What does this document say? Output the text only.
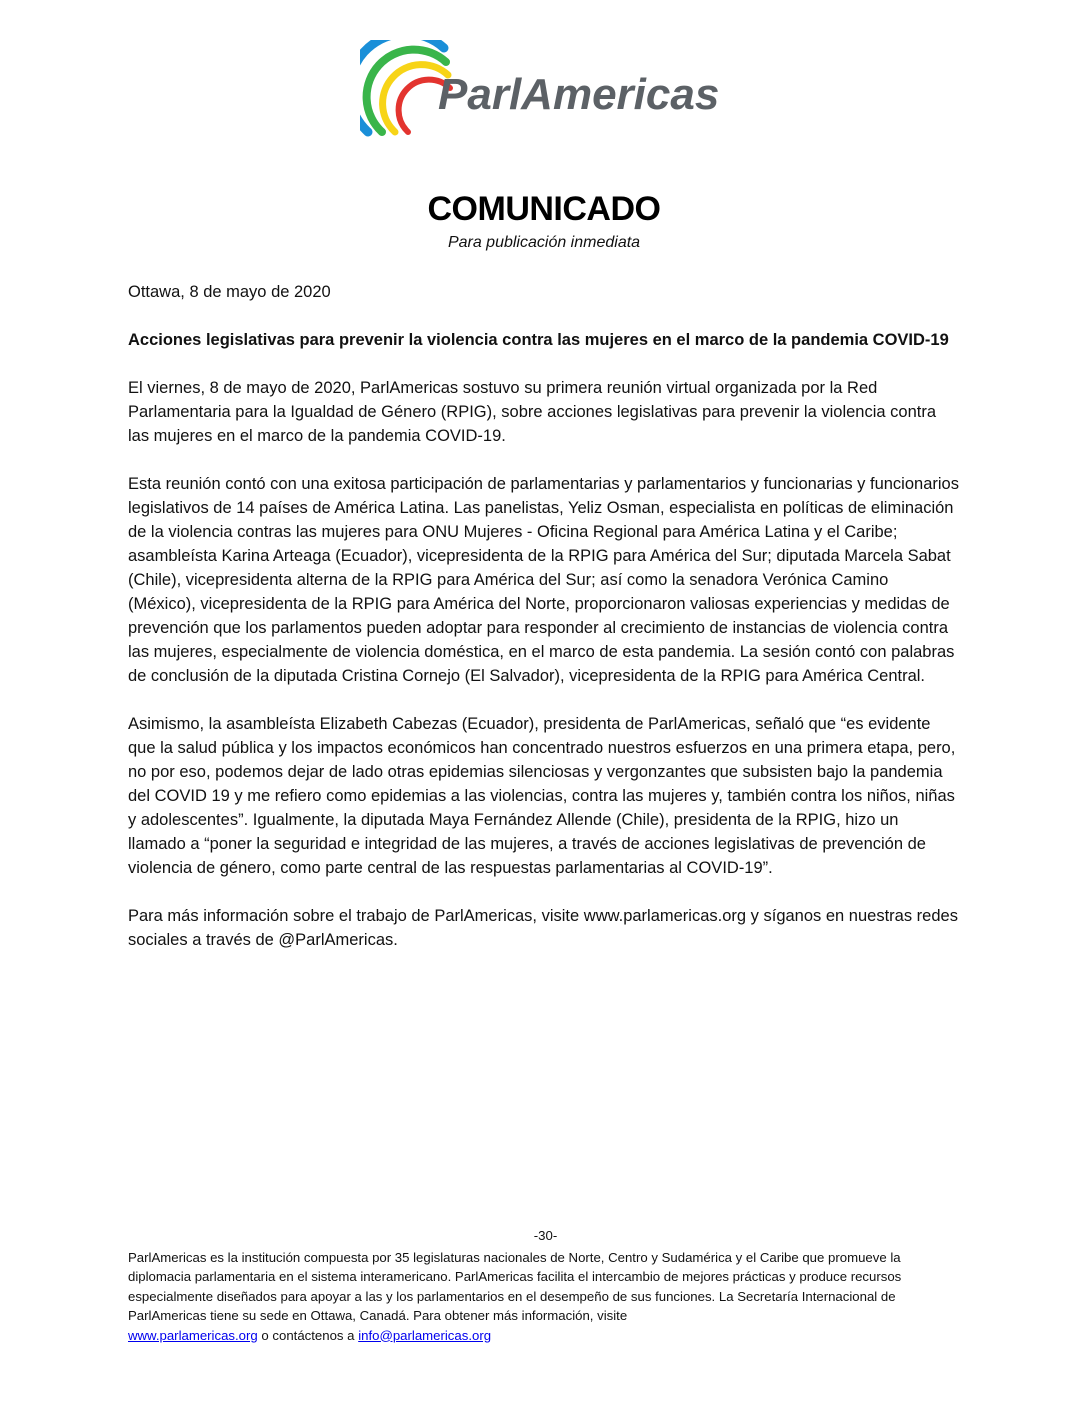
ParlAmericas
COMUNICADO
Para publicación inmediata

Ottawa, 8 de mayo de 2020

Acciones legislativas para prevenir la violencia contra las mujeres en el marco de la pandemia COVID-19

El viernes, 8 de mayo de 2020, ParlAmericas sostuvo su primera reunión virtual organizada por la Red Parlamentaria para la Igualdad de Género (RPIG), sobre acciones legislativas para prevenir la violencia contra las mujeres en el marco de la pandemia COVID-19.

Esta reunión contó con una exitosa participación de parlamentarias y parlamentarios y funcionarias y funcionarios legislativos de 14 países de América Latina. Las panelistas, Yeliz Osman, especialista en políticas de eliminación de la violencia contras las mujeres para ONU Mujeres - Oficina Regional para América Latina y el Caribe; asambleísta Karina Arteaga (Ecuador), vicepresidenta de la RPIG para América del Sur; diputada Marcela Sabat (Chile), vicepresidenta alterna de la RPIG para América del Sur; así como la senadora Verónica Camino (México), vicepresidenta de la RPIG para América del Norte, proporcionaron valiosas experiencias y medidas de prevención que los parlamentos pueden adoptar para responder al crecimiento de instancias de violencia contra las mujeres, especialmente de violencia doméstica, en el marco de esta pandemia. La sesión contó con palabras de conclusión de la diputada Cristina Cornejo (El Salvador), vicepresidenta de la RPIG para América Central.

Asimismo, la asambleísta Elizabeth Cabezas (Ecuador), presidenta de ParlAmericas, señaló que “es evidente que la salud pública y los impactos económicos han concentrado nuestros esfuerzos en una primera etapa, pero, no por eso, podemos dejar de lado otras epidemias silenciosas y vergonzantes que subsisten bajo la pandemia del COVID 19 y me refiero como epidemias a las violencias, contra las mujeres y, también contra los niños, niñas y adolescentes”. Igualmente, la diputada Maya Fernández Allende (Chile), presidenta de la RPIG, hizo un llamado a “poner la seguridad e integridad de las mujeres, a través de acciones legislativas de prevención de violencia de género, como parte central de las respuestas parlamentarias al COVID-19”.

Para más información sobre el trabajo de ParlAmericas, visite www.parlamericas.org y síganos en nuestras redes sociales a través de @ParlAmericas.

-30-
ParlAmericas es la institución compuesta por 35 legislaturas nacionales de Norte, Centro y Sudamérica y el Caribe que promueve la diplomacia parlamentaria en el sistema interamericano. ParlAmericas facilita el intercambio de mejores prácticas y produce recursos especialmente diseñados para apoyar a las y los parlamentarios en el desempeño de sus funciones. La Secretaría Internacional de ParlAmericas tiene su sede en Ottawa, Canadá. Para obtener más información, visite
www.parlamericas.org o contáctenos a info@parlamericas.org
